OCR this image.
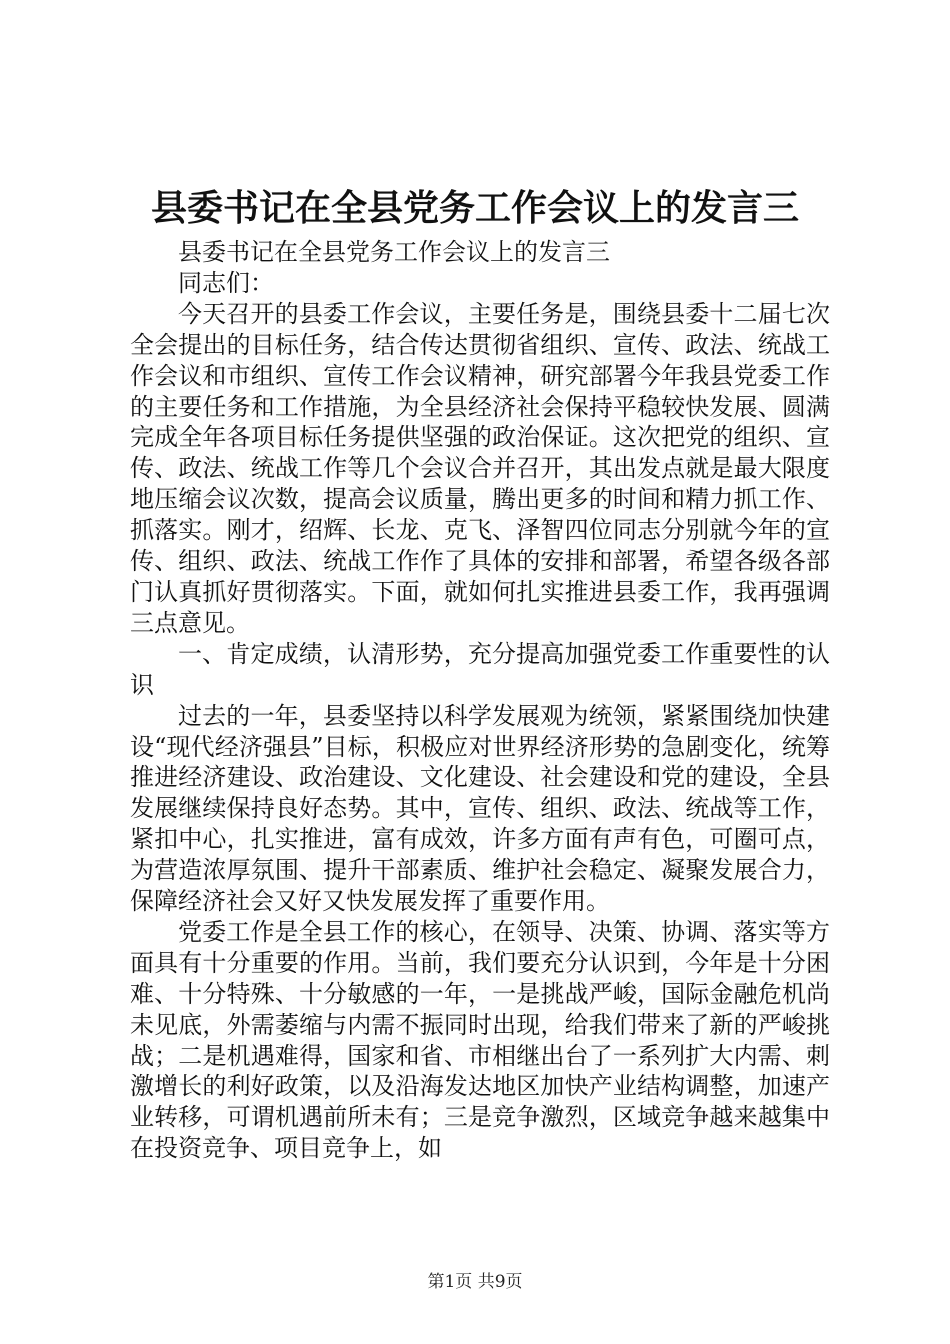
县委书记在全县党务工作会议上的发言三

县委书记在全县党务工作会议上的发言三

同志们：

今天召开的县委工作会议，主要任务是，围绕县委十二届七次全会提出的目标任务，结合传达贯彻省组织、宣传、政法、统战工作会议和市组织、宣传工作会议精神，研究部署今年我县党委工作的主要任务和工作措施，为全县经济社会保持平稳较快发展、圆满完成全年各项目标任务提供坚强的政治保证。这次把党的组织、宣传、政法、统战工作等几个会议合并召开，其出发点就是最大限度地压缩会议次数，提高会议质量，腾出更多的时间和精力抓工作、抓落实。刚才，绍辉、长龙、克飞、泽智四位同志分别就今年的宣传、组织、政法、统战工作作了具体的安排和部署，希望各级各部门认真抓好贯彻落实。下面，就如何扎实推进县委工作，我再强调三点意见。

一、肯定成绩，认清形势，充分提高加强党委工作重要性的认识

过去的一年，县委坚持以科学发展观为统领，紧紧围绕加快建设“现代经济强县”目标，积极应对世界经济形势的急剧变化，统筹推进经济建设、政治建设、文化建设、社会建设和党的建设，全县发展继续保持良好态势。其中，宣传、组织、政法、统战等工作，紧扣中心，扎实推进，富有成效，许多方面有声有色，可圈可点，为营造浓厚氛围、提升干部素质、维护社会稳定、凝聚发展合力，保障经济社会又好又快发展发挥了重要作用。

党委工作是全县工作的核心，在领导、决策、协调、落实等方面具有十分重要的作用。当前，我们要充分认识到，今年是十分困难、十分特殊、十分敏感的一年，一是挑战严峻，国际金融危机尚未见底，外需萎缩与内需不振同时出现，给我们带来了新的严峻挑战；二是机遇难得，国家和省、市相继出台了一系列扩大内需、刺激增长的利好政策，以及沿海发达地区加快产业结构调整，加速产业转移，可谓机遇前所未有；三是竞争激烈，区域竞争越来越集中在投资竞争、项目竞争上，如

第1页 共9页
